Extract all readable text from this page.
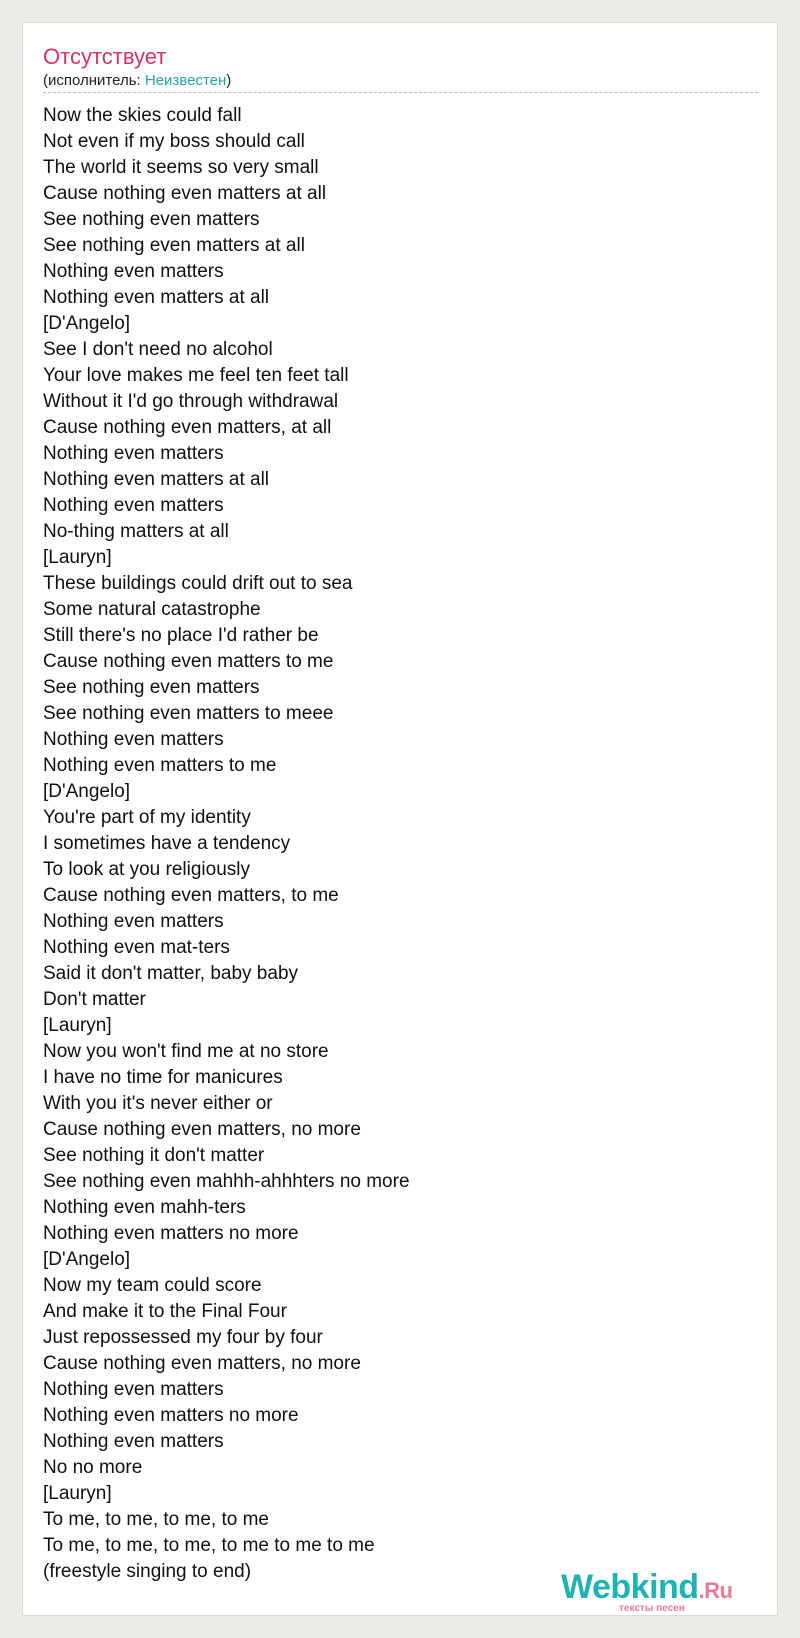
Отсутствует
(исполнитель: Неизвестен)
Now the skies could fall
Not even if my boss should call
The world it seems so very small
Cause nothing even matters at all
See nothing even matters
See nothing even matters at all
Nothing even matters
Nothing even matters at all
[D'Angelo]
See I don't need no alcohol
Your love makes me feel ten feet tall
Without it I'd go through withdrawal
Cause nothing even matters, at all
Nothing even matters
Nothing even matters at all
Nothing even matters
No-thing matters at all
[Lauryn]
These buildings could drift out to sea
Some natural catastrophe
Still there's no place I'd rather be
Cause nothing even matters to me
See nothing even matters
See nothing even matters to meee
Nothing even matters
Nothing even matters to me
[D'Angelo]
You're part of my identity
I sometimes have a tendency
To look at you religiously
Cause nothing even matters, to me
Nothing even matters
Nothing even mat-ters
Said it don't matter, baby baby
Don't matter
[Lauryn]
Now you won't find me at no store
I have no time for manicures
With you it's never either or
Cause nothing even matters, no more
See nothing it don't matter
See nothing even mahhh-ahhhters no more
Nothing even mahh-ters
Nothing even matters no more
[D'Angelo]
Now my team could score
And make it to the Final Four
Just repossessed my four by four
Cause nothing even matters, no more
Nothing even matters
Nothing even matters no more
Nothing even matters
No no more
[Lauryn]
To me, to me, to me, to me
To me, to me, to me, to me to me to me
(freestyle singing to end)	Webkind.Ru
тексты песен
